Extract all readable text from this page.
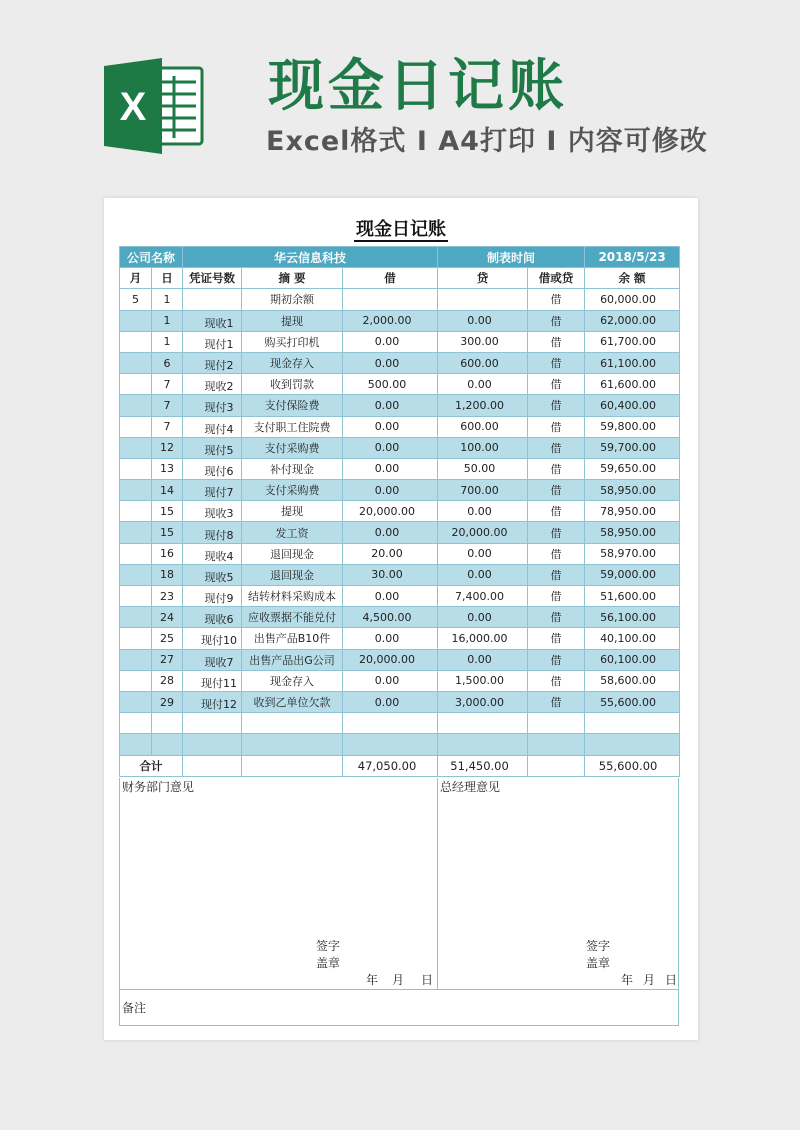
X 现金日记账
Excel格式 I A4打印 I 内容可修改
现金日记账
公司名称		华云信息科技			制表时间		2018/5/23
月	日	凭证号数	摘 要	借	贷	借或贷	余 额
5	1		期初余额			借	60,000.00
	1	现收1	提现	2,000.00	0.00	借	62,000.00
	1	现付1	购买打印机	0.00	300.00	借	61,700.00
	6	现付2	现金存入	0.00	600.00	借	61,100.00
	7	现收2	收到罚款	500.00	0.00	借	61,600.00
	7	现付3	支付保险费	0.00	1,200.00	借	60,400.00
	7	现付4	支付职工住院费	0.00	600.00	借	59,800.00
	12	现付5	支付采购费	0.00	100.00	借	59,700.00
	13	现付6	补付现金	0.00	50.00	借	59,650.00
	14	现付7	支付采购费	0.00	700.00	借	58,950.00
	15	现收3	提现	20,000.00	0.00	借	78,950.00
	15	现付8	发工资	0.00	20,000.00	借	58,950.00
	16	现收4	退回现金	20.00	0.00	借	58,970.00
	18	现收5	退回现金	30.00	0.00	借	59,000.00
	23	现付9	结转材料采购成本	0.00	7,400.00	借	51,600.00
	24	现收6	应收票据不能兑付	4,500.00	0.00	借	56,100.00
	25	现付10	出售产品B10件	0.00	16,000.00	借	40,100.00
	27	现收7	出售产品出G公司	20,000.00	0.00	借	60,100.00
	28	现付11	现金存入	0.00	1,500.00	借	58,600.00
	29	现付12	收到乙单位欠款	0.00	3,000.00	借	55,600.00

合计				47,050.00	51,450.00		55,600.00
财务部门意见
签字
盖章
年 月 日
总经理意见
签字
盖章
年 月 日
备注
